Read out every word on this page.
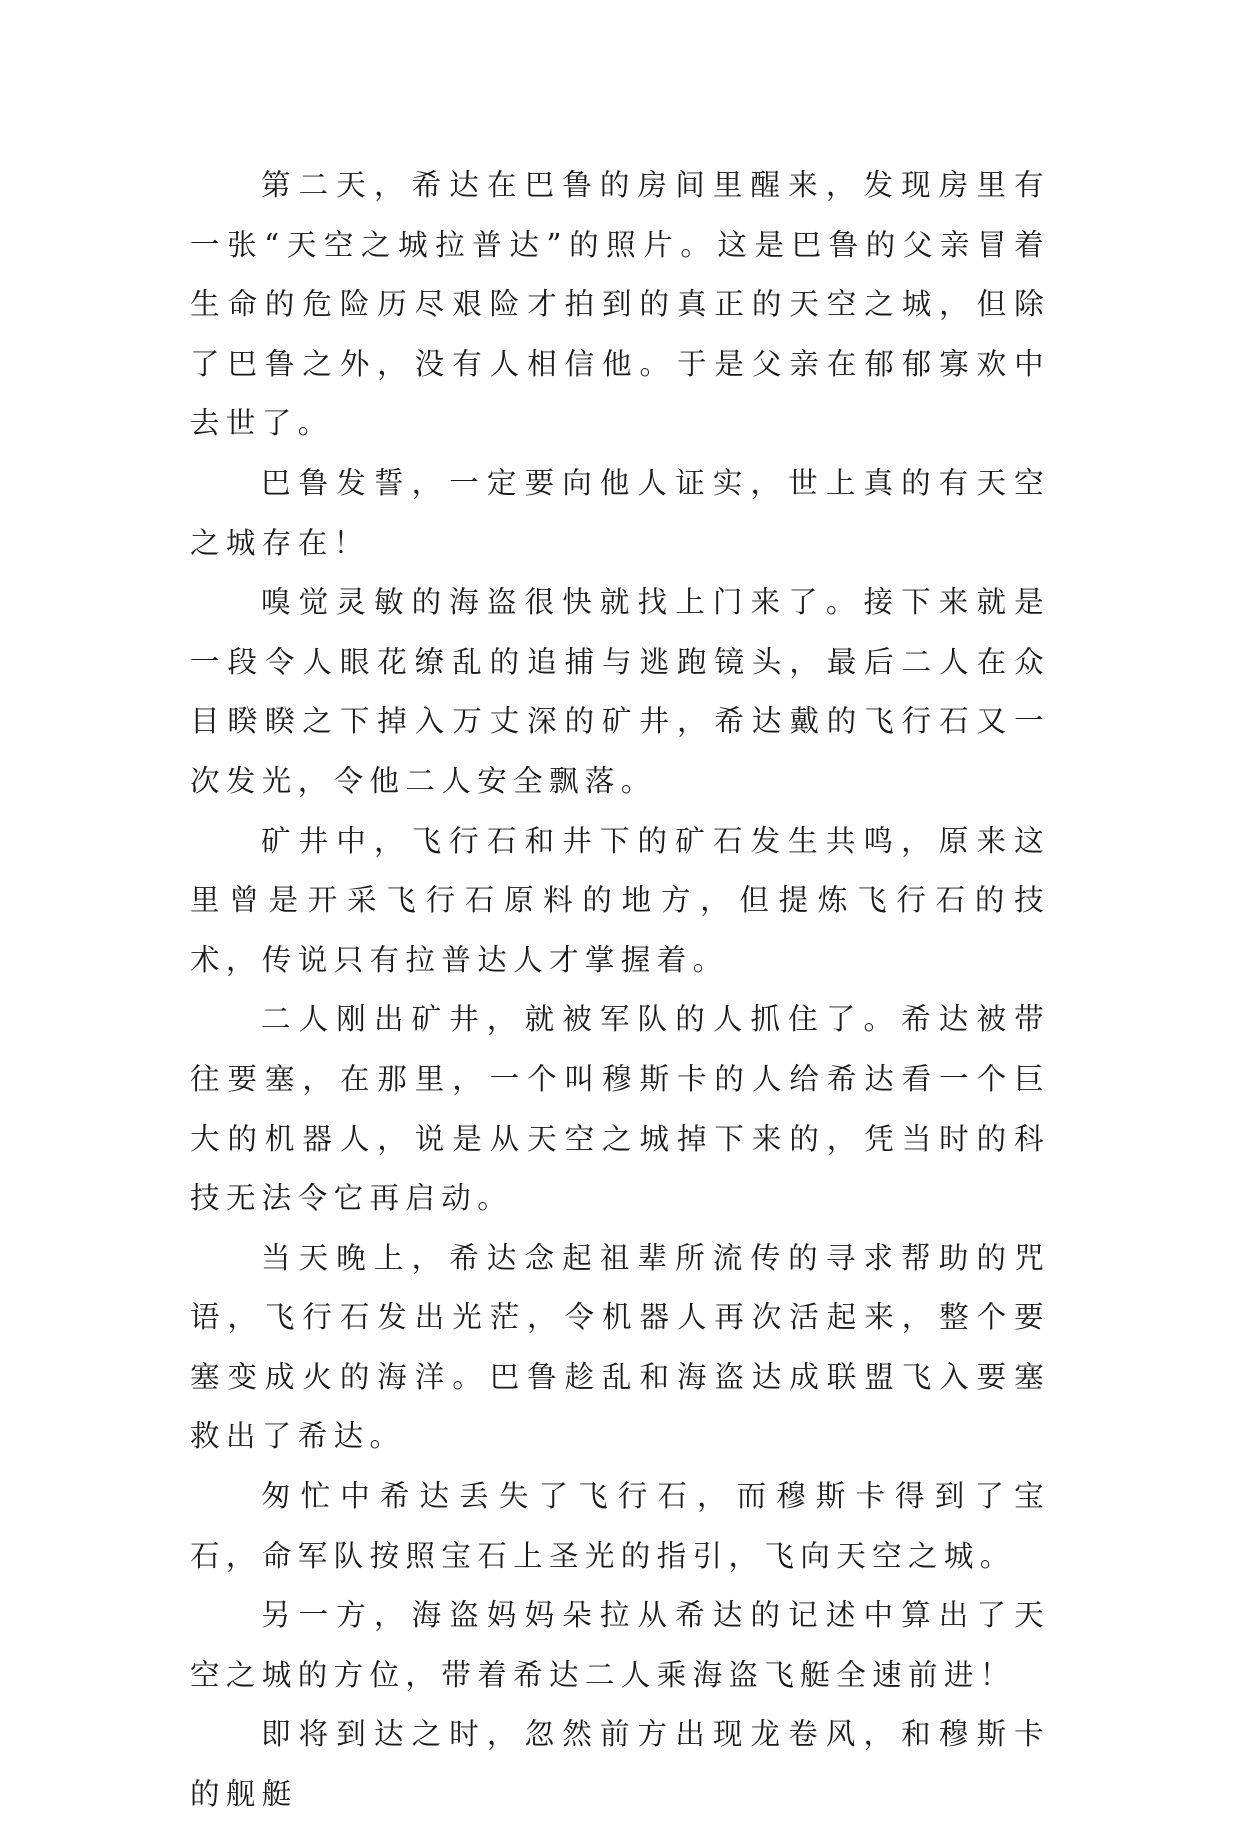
第二天，希达在巴鲁的房间里醒来，发现房里有一张“天空之城拉普达”的照片。这是巴鲁的父亲冒着生命的危险历尽艰险才拍到的真正的天空之城，但除了巴鲁之外，没有人相信他。于是父亲在郁郁寡欢中去世了。

巴鲁发誓，一定要向他人证实，世上真的有天空之城存在！

嗅觉灵敏的海盗很快就找上门来了。接下来就是一段令人眼花缭乱的追捕与逃跑镜头，最后二人在众目睽睽之下掉入万丈深的矿井，希达戴的飞行石又一次发光，令他二人安全飘落。

矿井中，飞行石和井下的矿石发生共鸣，原来这里曾是开采飞行石原料的地方，但提炼飞行石的技术，传说只有拉普达人才掌握着。

二人刚出矿井，就被军队的人抓住了。希达被带往要塞，在那里，一个叫穆斯卡的人给希达看一个巨大的机器人，说是从天空之城掉下来的，凭当时的科技无法令它再启动。

当天晚上，希达念起祖辈所流传的寻求帮助的咒语，飞行石发出光茫，令机器人再次活起来，整个要塞变成火的海洋。巴鲁趁乱和海盗达成联盟飞入要塞救出了希达。

匆忙中希达丢失了飞行石，而穆斯卡得到了宝石，命军队按照宝石上圣光的指引，飞向天空之城。

另一方，海盗妈妈朵拉从希达的记述中算出了天空之城的方位，带着希达二人乘海盗飞艇全速前进！

即将到达之时，忽然前方出现龙卷风，和穆斯卡的舰艇
